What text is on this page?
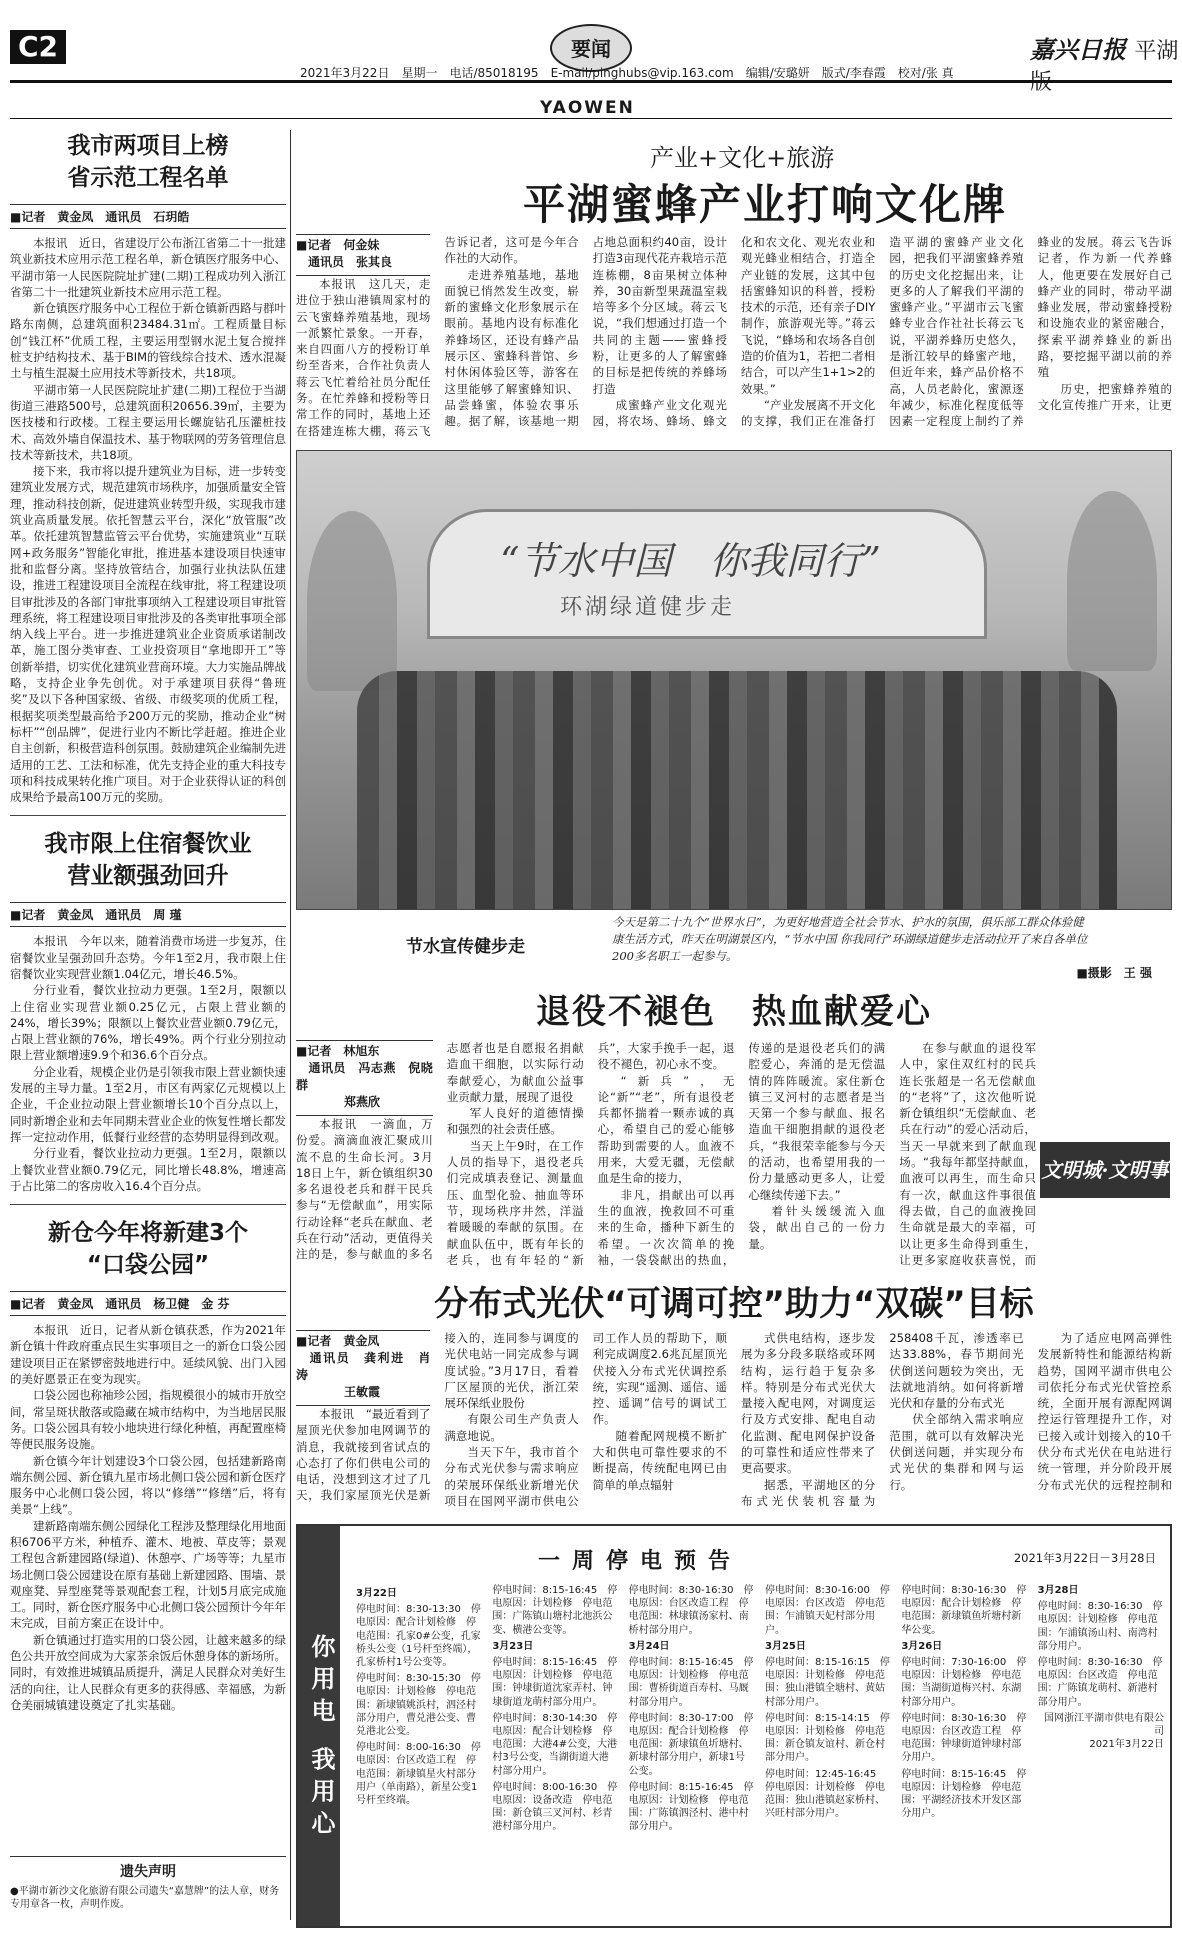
C2	要闻	嘉兴日报 平湖
2021年3月22日　星期一　电话/85018195　E-mail/pinghubs@vip.163.com　编辑/安璐妍　版式/李春霞　校对/张 真
YAOWEN
我市两项目上榜
省示范工程名单
■记者　黄金凤　通讯员　石玥皓

本报讯　近日，省建设厅公布浙江省第二十一批建筑业新技术应用示范工程名单，新仓镇医疗服务中心、平湖市第一人民医院院址扩建(二期)工程成功列入浙江省第二十一批建筑业新技术应用示范工程。

新仓镇医疗服务中心工程位于新仓镇新西路与群叶路东南侧，总建筑面积23484.31㎡。工程质量目标创“钱江杯”优质工程，主要运用型钢水泥土复合搅拌桩支护结构技术、基于BIM的管线综合技术、透水混凝土与植生混凝土应用技术等新技术，共18项。

平湖市第一人民医院院址扩建(二期)工程位于当湖街道三港路500号，总建筑面积20656.39㎡，主要为医技楼和行政楼。工程主要运用长螺旋钻孔压灌桩技术、高效外墙自保温技术、基于物联网的劳务管理信息技术等新技术，共18项。

接下来，我市将以提升建筑业为目标，进一步转变建筑业发展方式，规范建筑市场秩序，加强质量安全管理，推动科技创新，促进建筑业转型升级，实现我市建筑业高质量发展。依托智慧云平台，深化“放管服”改革。依托建筑智慧监管云平台优势，实施建筑业“互联网+政务服务”智能化审批，推进基本建设项目快速审批和监督分离。坚持放管结合，加强行业执法队伍建设，推进工程建设项目全流程在线审批，将工程建设项目审批涉及的各部门审批事项纳入工程建设项目审批管理系统，将工程建设项目审批涉及的各类审批事项全部纳入线上平台。进一步推进建筑业企业资质承诺制改革，施工图分类审查、工业投资项目“拿地即开工”等创新举措，切实优化建筑业营商环境。大力实施品牌战略，支持企业争先创优。对于承建项目获得“鲁班奖”及以下各种国家级、省级、市级奖项的优质工程，根据奖项类型最高给予200万元的奖励，推动企业“树标杆”“创品牌”，促进行业内不断比学赶超。推进企业自主创新，积极营造科创氛围。鼓励建筑企业编制先进适用的工艺、工法和标准，优先支持企业的重大科技专项和科技成果转化推广项目。对于企业获得认证的科创成果给予最高100万元的奖励。

我市限上住宿餐饮业
营业额强劲回升
■记者　黄金凤　通讯员　周 瑾

本报讯　今年以来，随着消费市场进一步复苏，住宿餐饮业呈强劲回升态势。今年1至2月，我市限上住宿餐饮业实现营业额1.04亿元，增长46.5%。

分行业看，餐饮业拉动力更强。1至2月，限额以上住宿业实现营业额0.25亿元，占限上营业额的24%，增长39%；限额以上餐饮业营业额0.79亿元，占限上营业额的76%，增长49%。两个行业分别拉动限上营业额增速9.9个和36.6个百分点。

分企业看，规模企业仍是引领我市限上营业额快速发展的主导力量。1至2月，市区有两家亿元规模以上企业，千企业拉动限上营业额增长10个百分点以上，同时新增企业和去年同期未营业企业的恢复性增长都发挥一定拉动作用，低餐行业经营的态势明显得到改观。

分行业看，餐饮业拉动力更强。1至2月，限额以上餐饮业营业额0.79亿元，同比增长48.8%，增速高于占比第二的客房收入16.4个百分点。

新仓今年将新建3个
“口袋公园”
■记者　黄金凤　通讯员　杨卫健　金 芬

本报讯　近日，记者从新仓镇获悉，作为2021年新仓镇十件政府重点民生实事项目之一的新仓口袋公园建设项目正在紧锣密鼓地进行中。延续风貌、出门入园的美好愿景正在变为现实。

口袋公园也称袖珍公园，指规模很小的城市开放空间，常呈斑状散落或隐藏在城市结构中，为当地居民服务。口袋公园具有较小地块进行绿化种植，再配置座椅等便民服务设施。

新仓镇今年计划建设3个口袋公园，包括建新路南端东侧公园、新仓镇九星市场北侧口袋公园和新仓医疗服务中心北侧口袋公园，将以“修缮”“修缮”后，将有美景“上线”。

建新路南端东侧公园绿化工程涉及整理绿化用地面积6706平方米，种植乔、灌木、地被、草皮等；景观工程包含新建园路(绿道)、休憩亭、广场等等；九星市场北侧口袋公园建设在原有基础上新建园路、围墙、景观座凳、异型座凳等景观配套工程，计划5月底完成施工。同时，新仓医疗服务中心北侧口袋公园预计今年年末完成，目前方案正在设计中。

新仓镇通过打造实用的口袋公园，让越来越多的绿色公共开放空间成为大家茶余饭后休憩身体的新场所。同时，有效推进城镇品质提升，满足人民群众对美好生活的向往，让人民群众有更多的获得感、幸福感，为新仓美丽城镇建设奠定了扎实基础。

遗失声明

●平湖市新沙文化旅游有限公司遗失“嘉慧牌”的法人章，财务专用章各一枚，声明作废。

产业+文化+旅游
平湖蜜蜂产业打响文化牌
■记者　何金妹
　通讯员　张其良

本报讯　这几天，走进位于独山港镇周家村的云飞蜜蜂养殖基地，现场一派繁忙景象。一开春，来自四面八方的授粉订单纷至沓来，合作社负责人蒋云飞忙着给社员分配任务。在忙养蜂和授粉等日常工作的同时，基地上还在搭建连栋大棚，蒋云飞告诉记者，这可是今年合作社的大动作。

走进养殖基地，基地面貌已悄然发生改变，崭新的蜜蜂文化形象展示在眼前。基地内设有标准化养蜂场区，还设有蜂产品展示区、蜜蜂科普馆、乡村休闲体验区等，游客在这里能够了解蜜蜂知识、品尝蜂蜜，体验农事乐趣。据了解，该基地一期占地总面积约40亩，设计打造3亩现代花卉栽培示范连栋棚，8亩果树立体种养，30亩新型果蔬温室栽培等多个分区域。蒋云飞说，“我们想通过打造一个共同的主题——蜜蜂授粉，让更多的人了解蜜蜂的目标是把传统的养蜂场打造

成蜜蜂产业文化观光园，将农场、蜂场、蜂文化和农文化、观光农业和观光蜂业相结合，打造全产业链的发展，这其中包括蜜蜂知识的科普，授粉技术的示范，还有亲子DIY制作，旅游观光等。”蒋云飞说，“蜂场和农场各自创造的价值为1，若把二者相结合，可以产生1+1>2的效果。”

“产业发展离不开文化的支撑，我们正在准备打造平湖的蜜蜂产业文化园，把我们平湖蜜蜂养殖的历史文化挖掘出来，让更多的人了解我们平湖的蜜蜂产业。”平湖市云飞蜜蜂专业合作社社长蒋云飞说，平湖养蜂历史悠久，是浙江较早的蜂蜜产地，但近年来，蜂产品价格不高，人员老龄化，蜜源逐年减少，标准化程度低等因素一定程度上制约了养蜂业的发展。蒋云飞告诉记者，作为新一代养蜂人，他更要在发展好自己蜂产业的同时，带动平湖蜂业发展，带动蜜蜂授粉和设施农业的紧密融合，探索平湖养蜂业的新出路，要挖掘平湖以前的养殖

历史，把蜜蜂养殖的文化宣传推广开来，让更

“节水中国　你我同行”
环湖绿道健步走
节水宣传健步走
今天是第二十九个“世界水日”，为更好地营造全社会节水、护水的氛围，俱乐部工群众体验健康生活方式，昨天在明湖景区内，“节水中国 你我同行”环湖绿道健步走活动拉开了来自各单位200多名职工一起参与。
■摄影　王 强
退役不褪色　热血献爱心
■记者　林旭东
　通讯员　冯志燕　倪晓群
　　　　郑燕欣

本报讯　一滴血，万份爱。滴滴血液汇聚成川流不息的生命长河。3月18日上午，新仓镇组织30多名退役老兵和群干民兵参与“无偿献血”，用实际行动诠释“老兵在献血、老兵在行动”活动，更值得关注的是，参与献血的多名志愿者也是自愿报名捐献造血干细胞，以实际行动奉献爱心，为献血公益事业贡献力量，展现了退役

军人良好的道德情操和强烈的社会责任感。

当天上午9时，在工作人员的指导下，退役老兵们完成填表登记、测量血压、血型化验、抽血等环节，现场秩序井然，洋溢着暖暖的奉献的氛围。在献血队伍中，既有年长的老兵，也有年轻的“新兵”，大家手挽手一起，退役不褪色，初心永不变。

“新兵”，无论“新”“老”，所有退役老兵都怀揣着一颗赤诚的真心，希望自己的爱心能够帮助到需要的人。血液不用来，大爱无疆，无偿献血是生命的接力，

非凡，捐献出可以再生的血液，挽救回不可重来的生命，播种下新生的希望。一次次简单的挽袖，一袋袋献出的热血，传递的是退役老兵们的满腔爱心，奔涌的是无偿温情的阵阵暖流。家住新仓镇三叉河村的志愿者是当天第一个参与献血、报名造血干细胞捐献的退役老兵，“我很荣幸能参与今天的活动，也希望用我的一份力量感动更多人，让爱心继续传递下去。”

着针头缓缓流入血袋，献出自己的一份力量。

在参与献血的退役军人中，家住双红村的民兵连长张超是一名无偿献血的“老将”了，这次他听说新仓镇组织“无偿献血、老兵在行动”的爱心活动后，当天一早就来到了献血现场。“我每年都坚持献血，血液可以再生，而生命只有一次，献血这件事很值得去做，自己的血液挽回生命就是最大的幸福，可以让更多生命得到重生，让更多家庭收获喜悦，而

文明城·文明事
分布式光伏“可调可控”助力“双碳”目标
■记者　黄金凤
　通讯员　龚利进　肖 涛
　　　　王敏霞

本报讯　“最近看到了屋顶光伏参加电网调节的消息，我就接到省试点的心态打了你们供电公司的电话，没想到这才过了几天，我们家屋顶光伏是新接入的，连同参与调度的光伏电站一同完成参与调度试验。”3月17日，看着厂区屋顶的光伏，浙江荣展环保纸业股份

有限公司生产负责人满意地说。

当天下午，我市首个分布式光伏参与需求响应的荣展环保纸业新增光伏项目在国网平湖市供电公司工作人员的帮助下，顺利完成调度2.6兆瓦屋顶光伏接入分布式光伏调控系统，实现“遥测、遥信、遥控、遥调”信号的调试工作。

随着配网规模不断扩大和供电可靠性要求的不断提高，传统配电网已由简单的单点辐射

式供电结构，逐步发展为多分段多联络或环网结构，运行趋于复杂多样。特别是分布式光伏大量接入配电网，对调度运行及方式安排、配电自动化监测、配电网保护设备的可靠性和适应性带来了更高要求。

据悉，平湖地区的分布式光伏装机容量为258408千瓦，渗透率已达33.88%，春节期间光伏倒送问题较为突出，无法就地消纳。如何将新增光伏和存量的分布式光

伏全部纳入需求响应范围，就可以有效解决光伏倒送问题，并实现分布式光伏的集群和网与运行。

为了适应电网高弹性发展新特性和能源结构新趋势，国网平湖市供电公司依托分布式光伏管控系统，全面开展有源配网调控运行管理提升工作，对已接入或计划接入的10千伏分布式光伏在电站进行统一管理，并分阶段开展分布式光伏的远程控制和

你用电 我用心
一周停电预告	2021年3月22日－3月28日
3月22日
停电时间：8:30-13:30　停电原因：配合计划检修　停电范围：孔家0#公变，孔家桥头公变（1号杆至终端），孔家桥村1号公变等。
停电时间：8:30-15:30　停电原因：计划检修　停电范围：新埭镇姚浜村，泗泾村部分用户，曹兑港公变、曹兑港北公变。
停电时间：8:00-16:30　停电原因：台区改造工程　停电范围：新埭镇星火村部分用户（单南路），新星公变1号杆至终端。
停电时间：8:15-16:45　停电原因：计划检修　停电范围：广陈镇山塘村北池浜公变、横港公变等。
3月23日
停电时间：8:15-16:45　停电原因：计划检修　停电范围：钟埭街道沈家弄村、钟埭街道龙萌村部分用户。
停电时间：8:30-14:30　停电原因：配合计划检修　停电范围：大港4#公变，大港村3号公变，当湖街道大港村部分用户。
停电时间：8:00-16:30　停电原因：设备改造　停电范围：新仓镇三叉河村、杉青港村部分用户。
停电时间：8:30-16:30　停电原因：台区改造工程　停电范围：林埭镇汤家村、南桥村部分用户。
3月24日
停电时间：8:15-16:45　停电原因：计划检修　停电范围：曹桥街道百寿村、马厩村部分用户。
停电时间：8:30-17:00　停电原因：配合计划检修　停电范围：新埭镇鱼圻塘村、新埭村部分用户，新埭1号公变。
停电时间：8:15-16:45　停电原因：计划检修　停电范围：广陈镇泗泾村、港中村部分用户。
停电时间：8:30-16:00　停电原因：台区改造　停电范围：乍浦镇天妃村部分用户。
3月25日
停电时间：8:15-16:15　停电原因：计划检修　停电范围：独山港镇全塘村、黄姑村部分用户。
停电时间：8:15-14:15　停电原因：计划检修　停电范围：新仓镇友谊村、新仓村部分用户。
停电时间：12:45-16:45　停电原因：计划检修　停电范围：独山港镇赵家桥村、兴旺村部分用户。
停电时间：8:30-16:30　停电原因：配合计划检修　停电范围：新埭镇鱼圻塘村新华公变。
3月26日
停电时间：7:30-16:00　停电原因：计划检修　停电范围：当湖街道梅兴村、东湖村部分用户。
停电时间：8:30-16:30　停电原因：台区改造工程　停电范围：钟埭街道钟埭村部分用户。
停电时间：8:15-16:45　停电原因：计划检修　停电范围：平湖经济技术开发区部分用户。
3月28日
停电时间：8:30-16:30　停电原因：计划检修　停电范围：乍浦镇汤山村、南湾村部分用户。
停电时间：8:30-16:30　停电原因：台区改造　停电范围：广陈镇龙萌村、新港村部分用户。
国网浙江平湖市供电有限公司
2021年3月22日
